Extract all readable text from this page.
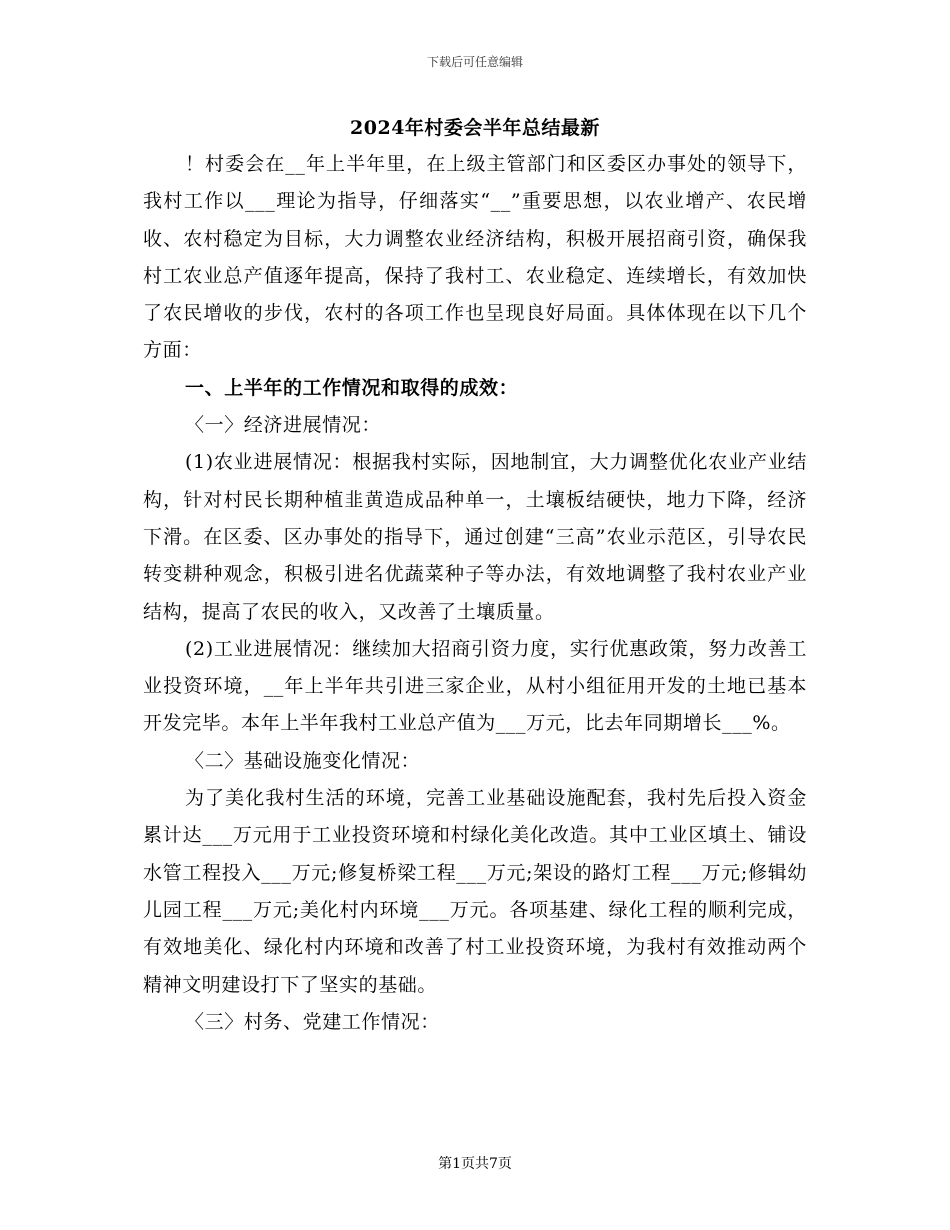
下载后可任意编辑
2024年村委会半年总结最新

！村委会在__年上半年里，在上级主管部门和区委区办事处的领导下，我村工作以___理论为指导，仔细落实“__”重要思想，以农业增产、农民增收、农村稳定为目标，大力调整农业经济结构，积极开展招商引资，确保我村工农业总产值逐年提高，保持了我村工、农业稳定、连续增长，有效加快了农民增收的步伐，农村的各项工作也呈现良好局面。具体体现在以下几个方面：

一、上半年的工作情况和取得的成效：

〈一〉经济进展情况：

(1)农业进展情况：根据我村实际，因地制宜，大力调整优化农业产业结构，针对村民长期种植韭黄造成品种单一，土壤板结硬快，地力下降，经济下滑。在区委、区办事处的指导下，通过创建“三高”农业示范区，引导农民转变耕种观念，积极引进名优蔬菜种子等办法，有效地调整了我村农业产业结构，提高了农民的收入，又改善了土壤质量。

(2)工业进展情况：继续加大招商引资力度，实行优惠政策，努力改善工业投资环境，__年上半年共引进三家企业，从村小组征用开发的土地已基本开发完毕。本年上半年我村工业总产值为___万元，比去年同期增长___%。

〈二〉基础设施变化情况：

为了美化我村生活的环境，完善工业基础设施配套，我村先后投入资金累计达___万元用于工业投资环境和村绿化美化改造。其中工业区填土、铺设水管工程投入___万元;修复桥梁工程___万元;架设的路灯工程___万元;修辑幼儿园工程___万元;美化村内环境___万元。各项基建、绿化工程的顺利完成，有效地美化、绿化村内环境和改善了村工业投资环境，为我村有效推动两个精神文明建设打下了坚实的基础。

〈三〉村务、党建工作情况：

第1页共7页
